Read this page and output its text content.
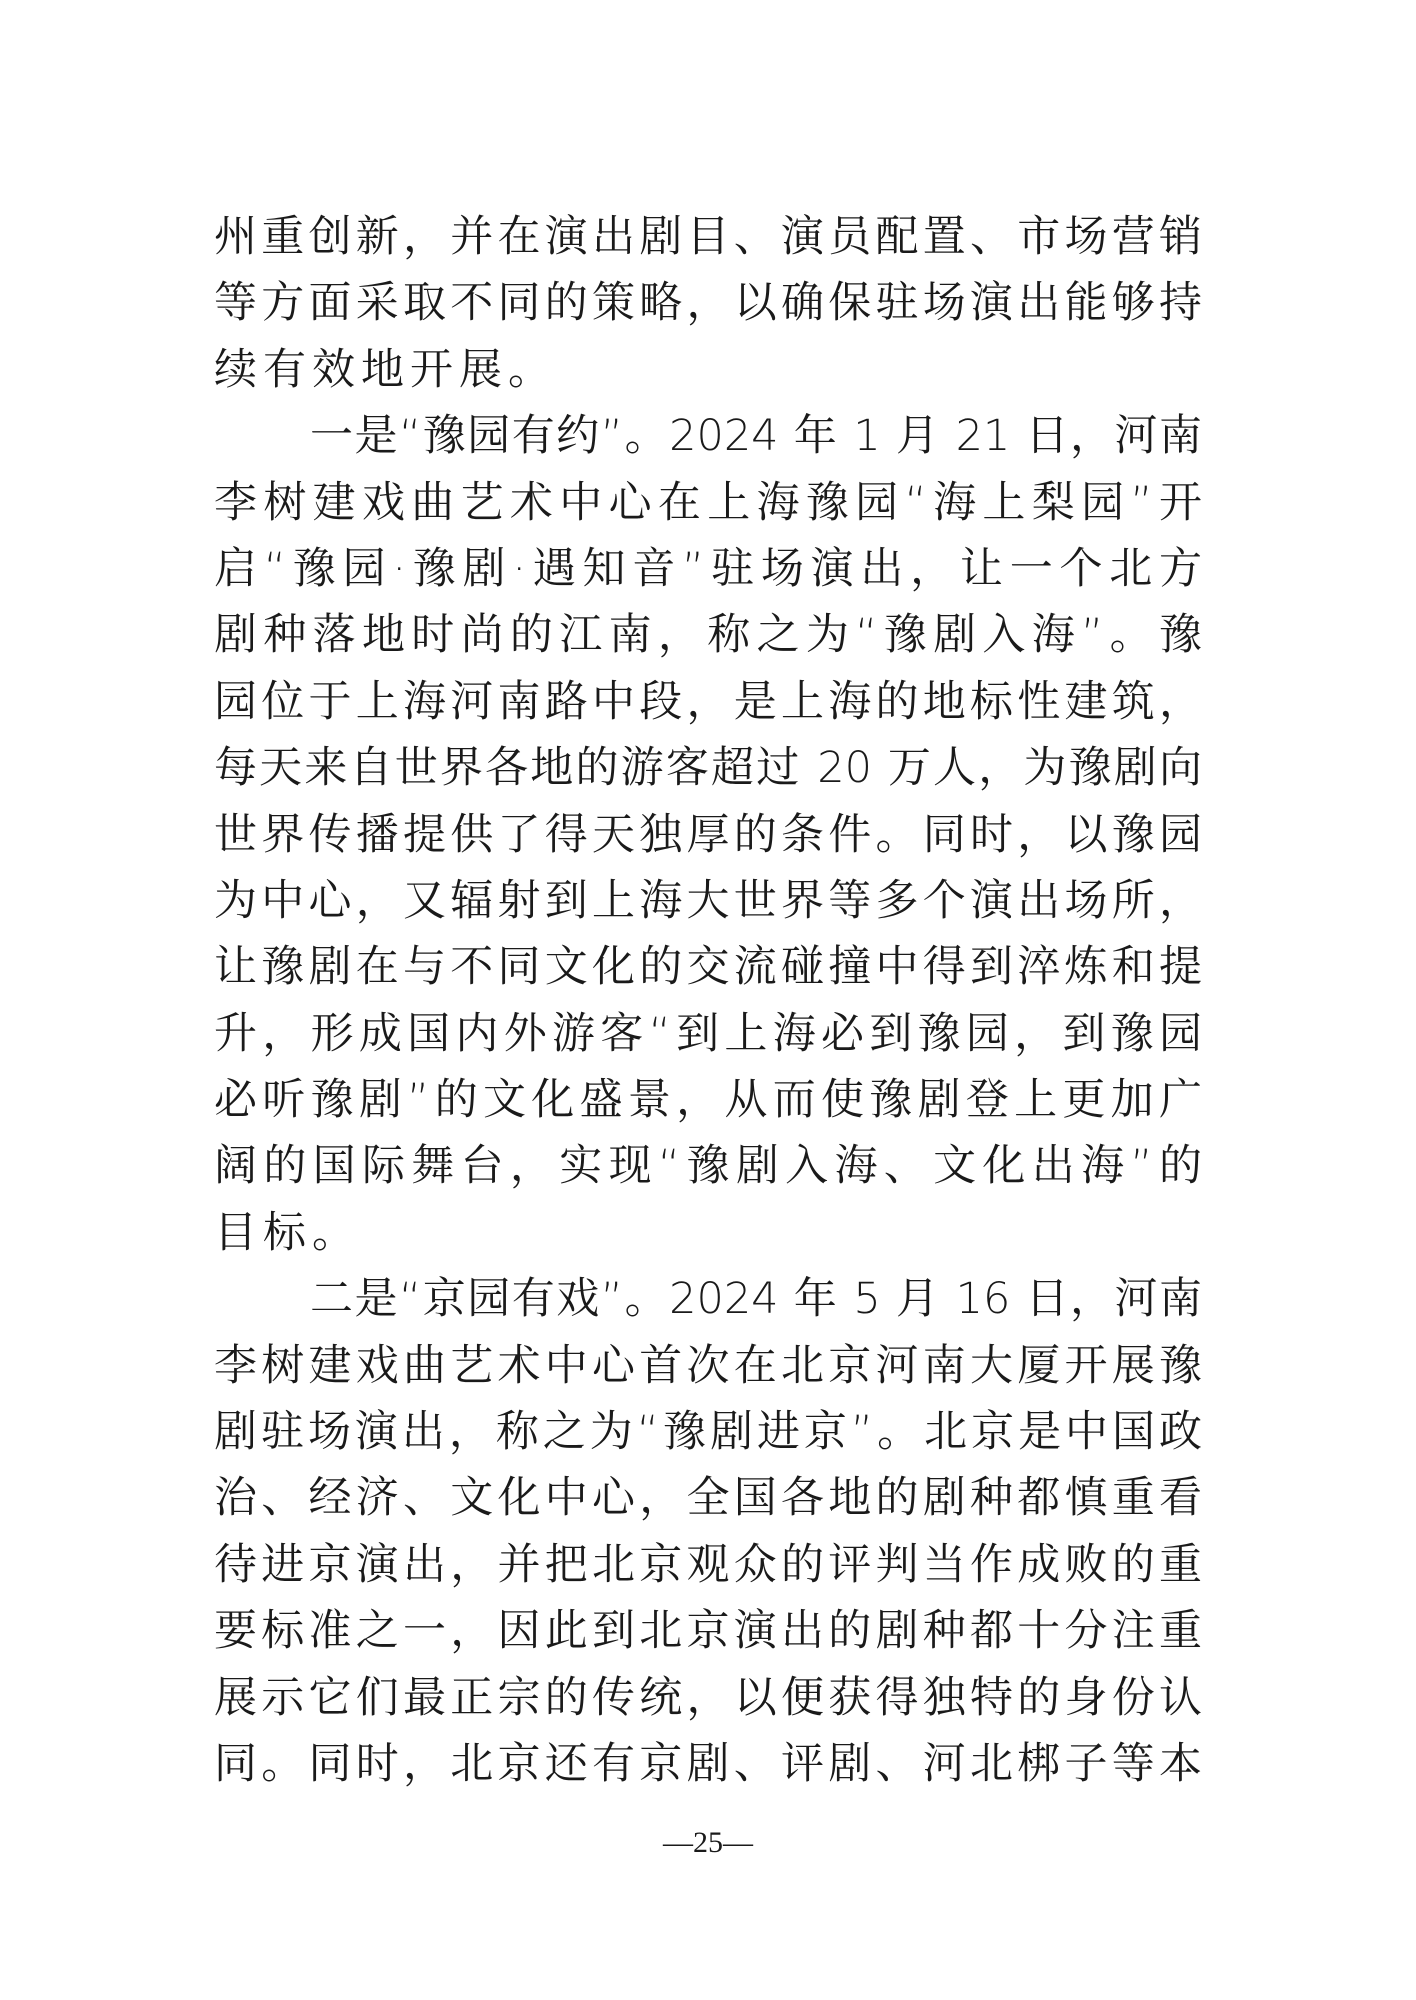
州重创新，并在演出剧目、演员配置、市场营销
等方面采取不同的策略，以确保驻场演出能够持
续有效地开展。
一是“豫园有约”。2024 年 1 月 21 日，河南
李树建戏曲艺术中心在上海豫园“海上梨园”开
启“豫园·豫剧·遇知音”驻场演出，让一个北方
剧种落地时尚的江南，称之为“豫剧入海”。豫
园位于上海河南路中段，是上海的地标性建筑，
每天来自世界各地的游客超过 20 万人，为豫剧向
世界传播提供了得天独厚的条件。同时，以豫园
为中心，又辐射到上海大世界等多个演出场所，
让豫剧在与不同文化的交流碰撞中得到淬炼和提
升，形成国内外游客“到上海必到豫园，到豫园
必听豫剧”的文化盛景，从而使豫剧登上更加广
阔的国际舞台，实现“豫剧入海、文化出海”的
目标。
二是“京园有戏”。2024 年 5 月 16 日，河南
李树建戏曲艺术中心首次在北京河南大厦开展豫
剧驻场演出，称之为“豫剧进京”。北京是中国政
治、经济、文化中心，全国各地的剧种都慎重看
待进京演出，并把北京观众的评判当作成败的重
要标准之一，因此到北京演出的剧种都十分注重
展示它们最正宗的传统，以便获得独特的身份认
同。同时，北京还有京剧、评剧、河北梆子等本
—25—
